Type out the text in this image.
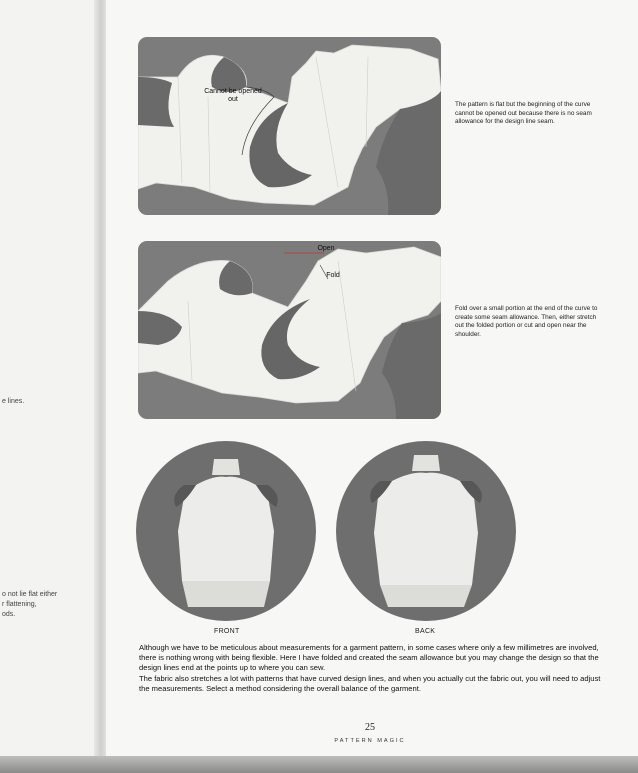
e lines.
o not lie flat either
r flattening,
ods.
Cannot be opened out
The pattern is flat but the beginning of the curve cannot be opened out because there is no seam allowance for the design line seam.
Open
Fold
Fold over a small portion at the end of the curve to create some seam allowance. Then, either stretch out the folded portion or cut and open near the shoulder.
FRONT	BACK

Although we have to be meticulous about measurements for a garment pattern, in some cases where only a few millimetres are involved, there is nothing wrong with being flexible. Here I have folded and created the seam allowance but you may change the design so that the design lines end at the points up to where you can sew.

The fabric also stretches a lot with patterns that have curved design lines, and when you actually cut the fabric out, you will need to adjust the measurements. Select a method considering the overall balance of the garment.

25
PATTERN MAGIC
